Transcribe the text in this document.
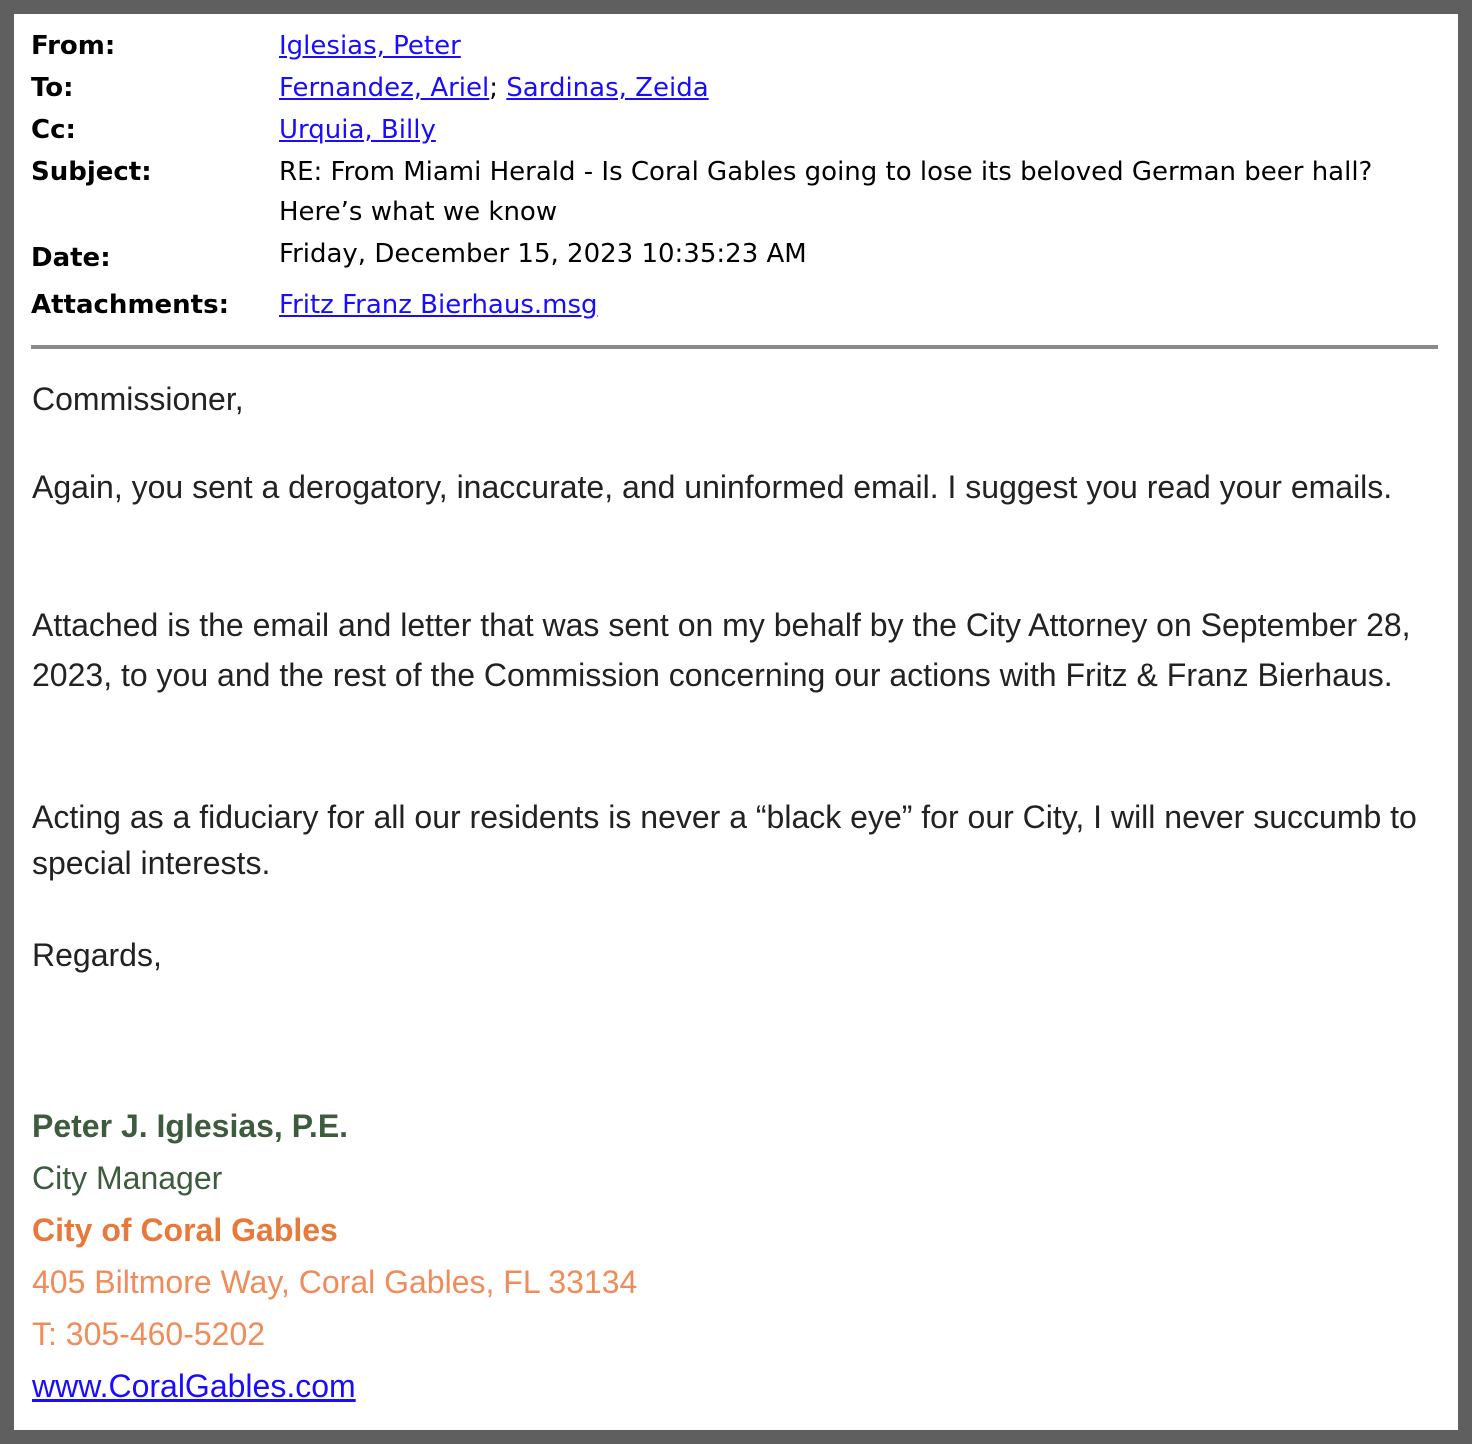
From:	Iglesias, Peter
To:	Fernandez, Ariel; Sardinas, Zeida
Cc:	Urquia, Billy
Subject:	RE: From Miami Herald - Is Coral Gables going to lose its beloved German beer hall? Here’s what we know
Date:	Friday, December 15, 2023 10:35:23 AM
Attachments: Fritz Franz Bierhaus.msg
Commissioner,
Again, you sent a derogatory, inaccurate, and uninformed email. I suggest you read your emails.
Attached is the email and letter that was sent on my behalf by the City Attorney on September 28, 2023, to you and the rest of the Commission concerning our actions with Fritz & Franz Bierhaus.
Acting as a fiduciary for all our residents is never a “black eye” for our City, I will never succumb to special interests.
Regards,
Peter J. Iglesias, P.E.
City Manager
City of Coral Gables
405 Biltmore Way, Coral Gables, FL 33134
T: 305-460-5202
www.CoralGables.com
